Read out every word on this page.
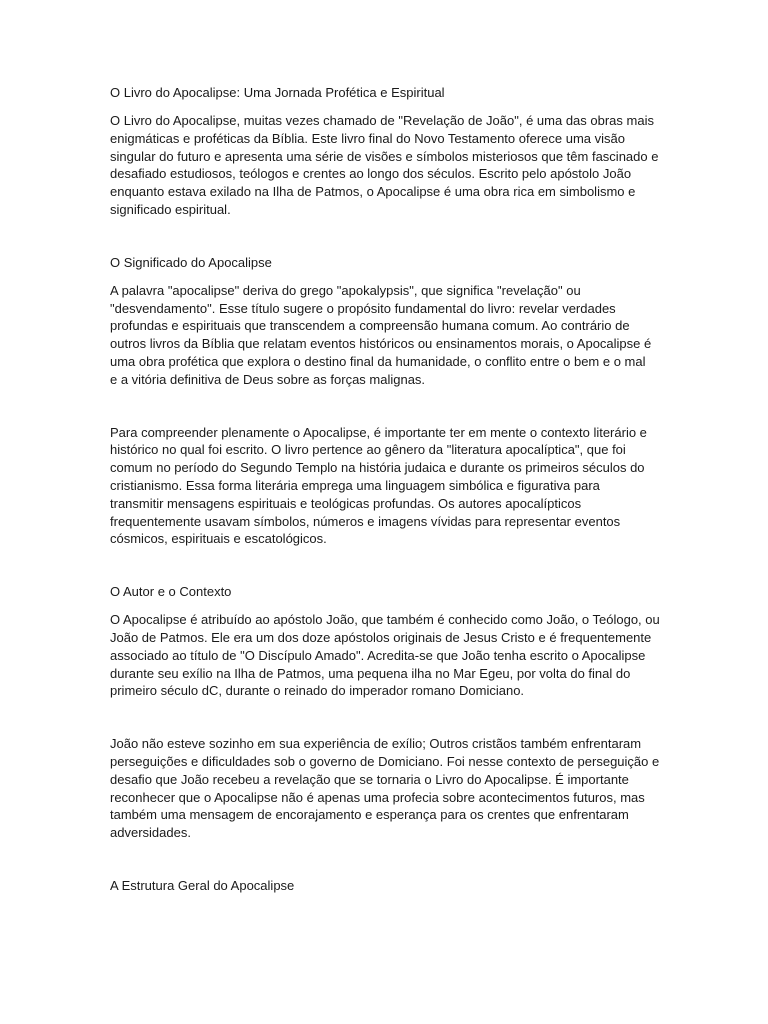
O Livro do Apocalipse: Uma Jornada Profética e Espiritual

O Livro do Apocalipse, muitas vezes chamado de "Revelação de João", é uma das obras mais
enigmáticas e proféticas da Bíblia. Este livro final do Novo Testamento oferece uma visão
singular do futuro e apresenta uma série de visões e símbolos misteriosos que têm fascinado e
desafiado estudiosos, teólogos e crentes ao longo dos séculos. Escrito pelo apóstolo João
enquanto estava exilado na Ilha de Patmos, o Apocalipse é uma obra rica em simbolismo e
significado espiritual.

O Significado do Apocalipse

A palavra "apocalipse" deriva do grego "apokalypsis", que significa "revelação" ou
"desvendamento". Esse título sugere o propósito fundamental do livro: revelar verdades
profundas e espirituais que transcendem a compreensão humana comum. Ao contrário de
outros livros da Bíblia que relatam eventos históricos ou ensinamentos morais, o Apocalipse é
uma obra profética que explora o destino final da humanidade, o conflito entre o bem e o mal
e a vitória definitiva de Deus sobre as forças malignas.

Para compreender plenamente o Apocalipse, é importante ter em mente o contexto literário e
histórico no qual foi escrito. O livro pertence ao gênero da "literatura apocalíptica", que foi
comum no período do Segundo Templo na história judaica e durante os primeiros séculos do
cristianismo. Essa forma literária emprega uma linguagem simbólica e figurativa para
transmitir mensagens espirituais e teológicas profundas. Os autores apocalípticos
frequentemente usavam símbolos, números e imagens vívidas para representar eventos
cósmicos, espirituais e escatológicos.

O Autor e o Contexto

O Apocalipse é atribuído ao apóstolo João, que também é conhecido como João, o Teólogo, ou
João de Patmos. Ele era um dos doze apóstolos originais de Jesus Cristo e é frequentemente
associado ao título de "O Discípulo Amado". Acredita-se que João tenha escrito o Apocalipse
durante seu exílio na Ilha de Patmos, uma pequena ilha no Mar Egeu, por volta do final do
primeiro século dC, durante o reinado do imperador romano Domiciano.

João não esteve sozinho em sua experiência de exílio; Outros cristãos também enfrentaram
perseguições e dificuldades sob o governo de Domiciano. Foi nesse contexto de perseguição e
desafio que João recebeu a revelação que se tornaria o Livro do Apocalipse. É importante
reconhecer que o Apocalipse não é apenas uma profecia sobre acontecimentos futuros, mas
também uma mensagem de encorajamento e esperança para os crentes que enfrentaram
adversidades.

A Estrutura Geral do Apocalipse
